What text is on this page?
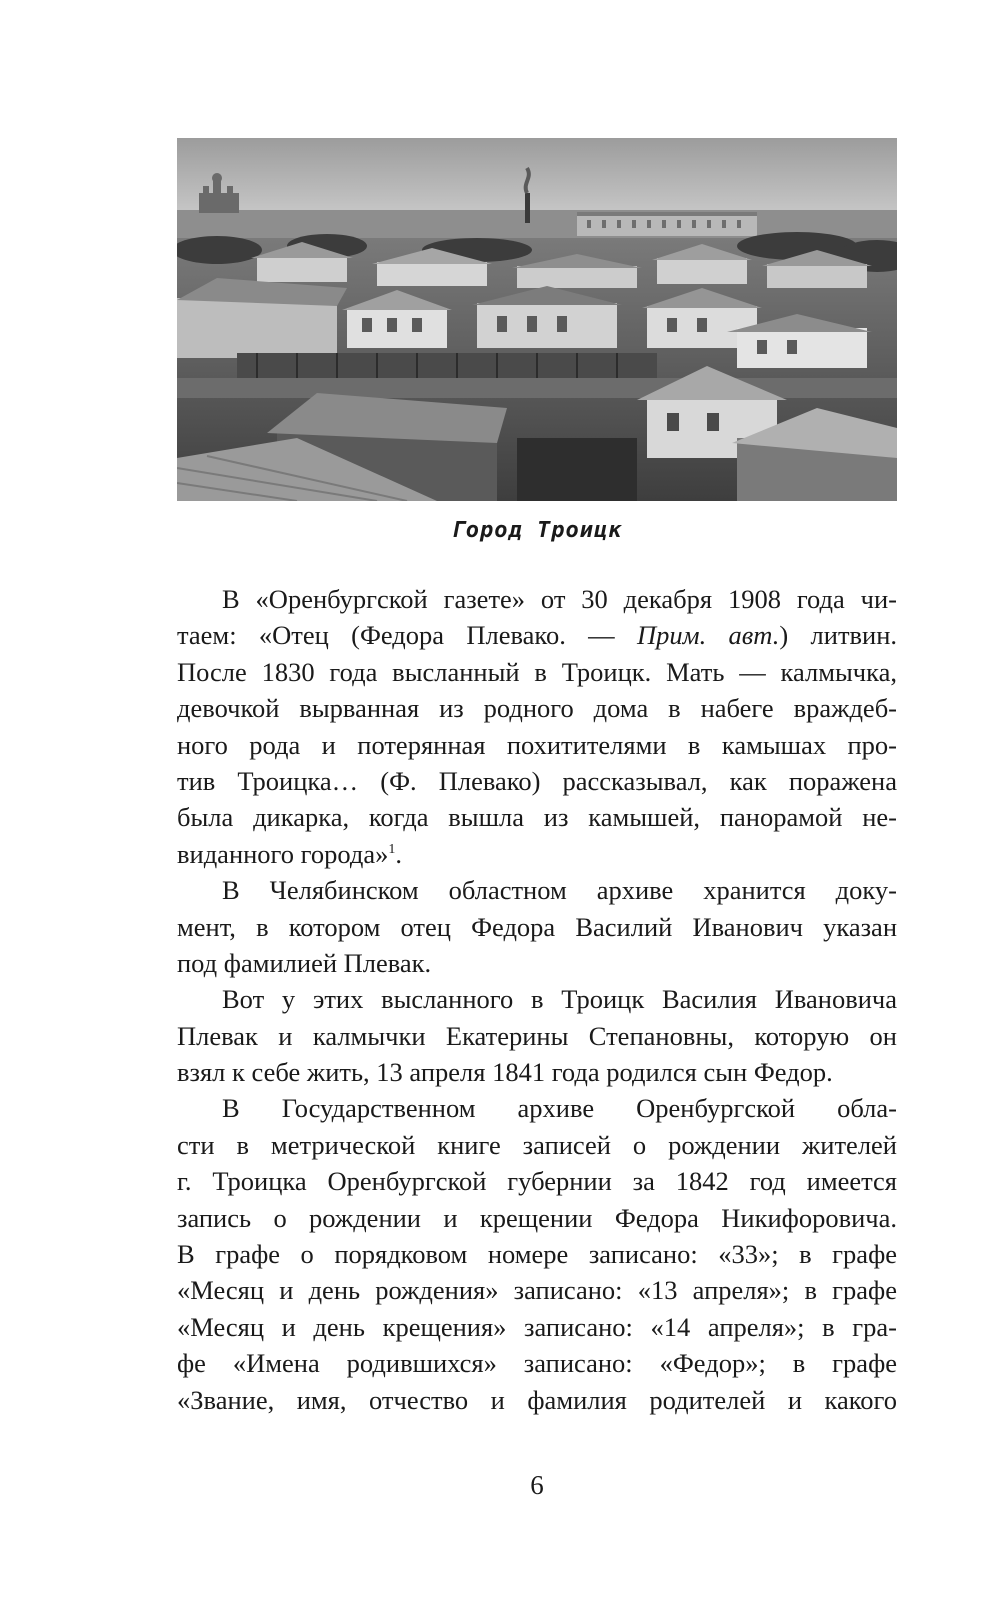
Город Троицк

В «Оренбургской газете» от 30 декабря 1908 года чи-
таем: «Отец (Федора Плевако. — Прим. авт.) литвин.
После 1830 года высланный в Троицк. Мать — калмычка,
девочкой вырванная из родного дома в набеге враждеб-
ного рода и потерянная похитителями в камышах про-
тив Троицка… (Ф. Плевако) рассказывал, как поражена
была дикарка, когда вышла из камышей, панорамой не-
виданного города»$^1$.

В Челябинском областном архиве хранится доку-
мент, в котором отец Федора Василий Иванович указан
под фамилией Плевак.

Вот у этих высланного в Троицк Василия Ивановича
Плевак и калмычки Екатерины Степановны, которую он
взял к себе жить, 13 апреля 1841 года родился сын Федор.

В Государственном архиве Оренбургской обла-
сти в метрической книге записей о рождении жителей
г. Троицка Оренбургской губернии за 1842 год имеется
запись о рождении и крещении Федора Никифоровича.
В графе о порядковом номере записано: «33»; в графе
«Месяц и день рождения» записано: «13 апреля»; в графе
«Месяц и день крещения» записано: «14 апреля»; в гра-
фе «Имена родившихся» записано: «Федор»; в графе
«Звание, имя, отчество и фамилия родителей и какого

6
